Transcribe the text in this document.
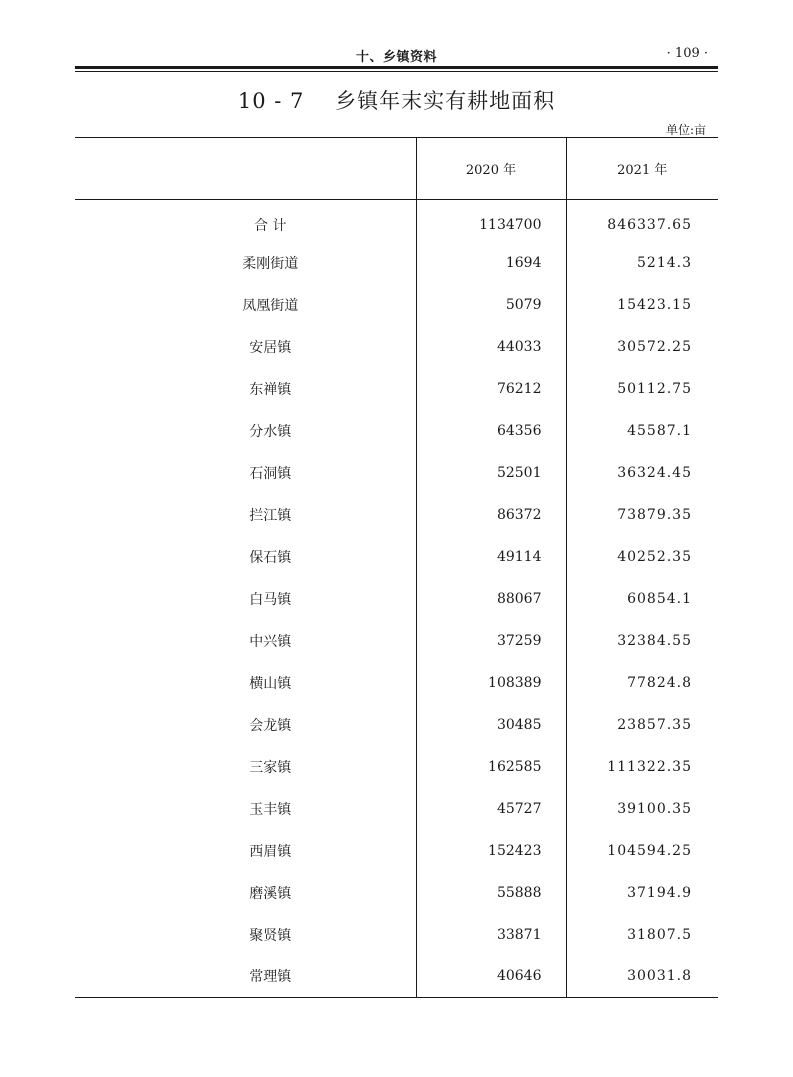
十、乡镇资料	· 109 ·
10 - 7    乡镇年末实有耕地面积
单位:亩
	2020 年	2021 年
合 计	1134700	846337.65
柔刚街道	1694	5214.3
凤凰街道	5079	15423.15
安居镇	44033	30572.25
东禅镇	76212	50112.75
分水镇	64356	45587.1
石洞镇	52501	36324.45
拦江镇	86372	73879.35
保石镇	49114	40252.35
白马镇	88067	60854.1
中兴镇	37259	32384.55
横山镇	108389	77824.8
会龙镇	30485	23857.35
三家镇	162585	111322.35
玉丰镇	45727	39100.35
西眉镇	152423	104594.25
磨溪镇	55888	37194.9
聚贤镇	33871	31807.5
常理镇	40646	30031.8
